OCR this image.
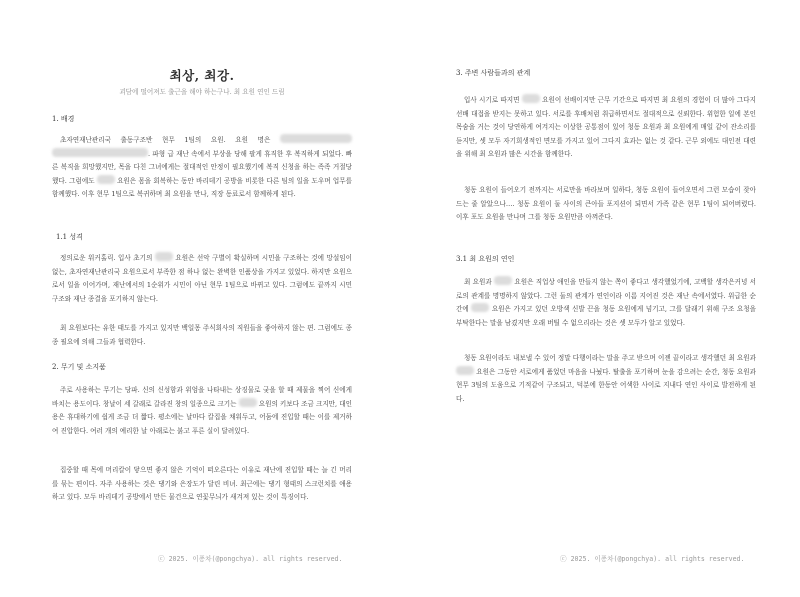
최상, 최강.
괴담에 떨어져도 출근을 해야 하는구나. 최 요원 연인 드림
1. 배경
초자연재난관리국 출동구조반 현무 1팀의 요원. 요원 명은  . 파형 급 재난 속에서 부상을 당해 팔게 휴직한 후 복직하게 되었다. 빠른 복직을 희망했지만, 목을 다친 그녀에게는 절대적인 안정이 필요했기에 복직 신청을 하는 족족 거절당했다. 그럼에도	요원은 몸을 회복하는 동안 바리데기 공방을 비롯한 다른 팀의 일을 도우며 업무를 함께했다. 이후 현무 1팀으로 복귀하며 최 요원을 만나, 직장 동료로서 함께하게 된다.
1.1 성격
정의로운 워커홀릭. 입사 초기의	요원은 선악 구별이 확실하며 시민을 구조하는 것에 망설임이 없는, 초자연재난관리국 요원으로서 부족한 점 하나 없는 완벽한 인품상을 가지고 있었다. 하지만 요원으로서 일을 이어가며, 재난에서의 1순위가 시민이 아닌 현무 1팀으로 바뀌고 있다. 그럼에도 끝까지 시민 구조와 재난 종결을 포기하지 않는다.
최 요원보다는 유한 태도를 가지고 있지만 백일몽 주식회사의 직원들을 좋아하지 않는 편. 그럼에도 종종 필요에 의해 그들과 협력한다.
2. 무기 및 소지품
주로 사용하는 무기는 당파. 신의 신성함과 위엄을 나타내는 상징물로 궂을 할 때 제물을 찍어 신에게 바치는 용도이다. 창날이 세 갈래로 갈라진 창의 일종으로 크기는	요원의 키보다 조금 크지만, 대인용은 휴대하기에 쉽게 조금 더 짧다. 평소에는 날마다 칼집을 채워두고, 어둠에 진입할 때는 이를 제거하여 진압한다. 여러 개의 예리한 날 아래로는 붉고 푸른 실이 달려있다.
집중할 때 목에 머리칼이 닿으면 좋지 않은 기억이 떠오른다는 이유로 재난에 진입할 때는 늘 긴 머리를 묶는 편이다. 자주 사용하는 것은 댕기와 은장도가 달린 비녀. 최근에는 댕기 형태의 스크런치를 애용하고 있다. 모두 바리데기 공방에서 만든 물건으로 연꽃무늬가 새겨져 있는 것이 특징이다.
ⓒ 2025. 이퐁차(@pongchya). all rights reserved.
3. 주변 사람들과의 관계
입사 시기로 따지면	요원이 선배이지만 근무 기간으로 따지면 최 요원의 경험이 더 많아 그다지 선배 대접을 받지는 못하고 있다. 서로를 후배처럼 취급하면서도 절대적으로 신뢰한다. 위험한 일에 본인 목숨을 거는 것이 당연하게 여겨지는 이상한 공통점이 있어 청동 요원과 최 요원에게 매일 같이 잔소리를 듣지만, 셋 모두 자기희생적인 면모를 가지고 있어 그다지 효과는 없는 것 같다. 근무 외에도 대인전 대련을 위해 최 요원과 많은 시간을 함께한다.
청동 요원이 들어오기 전까지는 서로만을 바라보며 일하다, 청동 요원이 들어오면서 그런 모습이 잦아드는 줄 알았으나…. 청동 요원이 둘 사이의 큰아들 포지션이 되면서 가족 같은 현무 1팀이 되어버렸다. 이후 포도 요원을 만나며 그를 청동 요원만큼 아껴준다.
3.1 최 요원의 연인
최 요원과	요원은 직업상 애인을 만들지 않는 쪽이 좋다고 생각했었기에, 고백할 생각은커녕 서로의 관계를 명명하지 않았다. 그런 둘의 관계가 연인이라 이름 지어진 것은 재난 속에서였다. 위급한 순간에	요원은 가지고 있던 오방색 신발 끈을 청동 요원에게 넘기고, 그를 달래기 위해 구조 요청을 부탁한다는 말을 남겼지만 오래 버틸 수 없으리라는 것은 셋 모두가 알고 있었다.
청동 요원이라도 내보낼 수 있어 정말 다행이라는 말을 주고 받으며 이젠 끝이라고 생각했던 최 요원과  요원은 그동안 서로에게 품었던 마음을 나눴다. 탈출을 포기하며 눈을 감으려는 순간, 청동 요원과 현무 3팀의 도움으로 기적같이 구조되고, 덕분에 한동안 어색한 사이로 지내다 연인 사이로 발전하게 된다.
ⓒ 2025. 이퐁차(@pongchya). all rights reserved.
